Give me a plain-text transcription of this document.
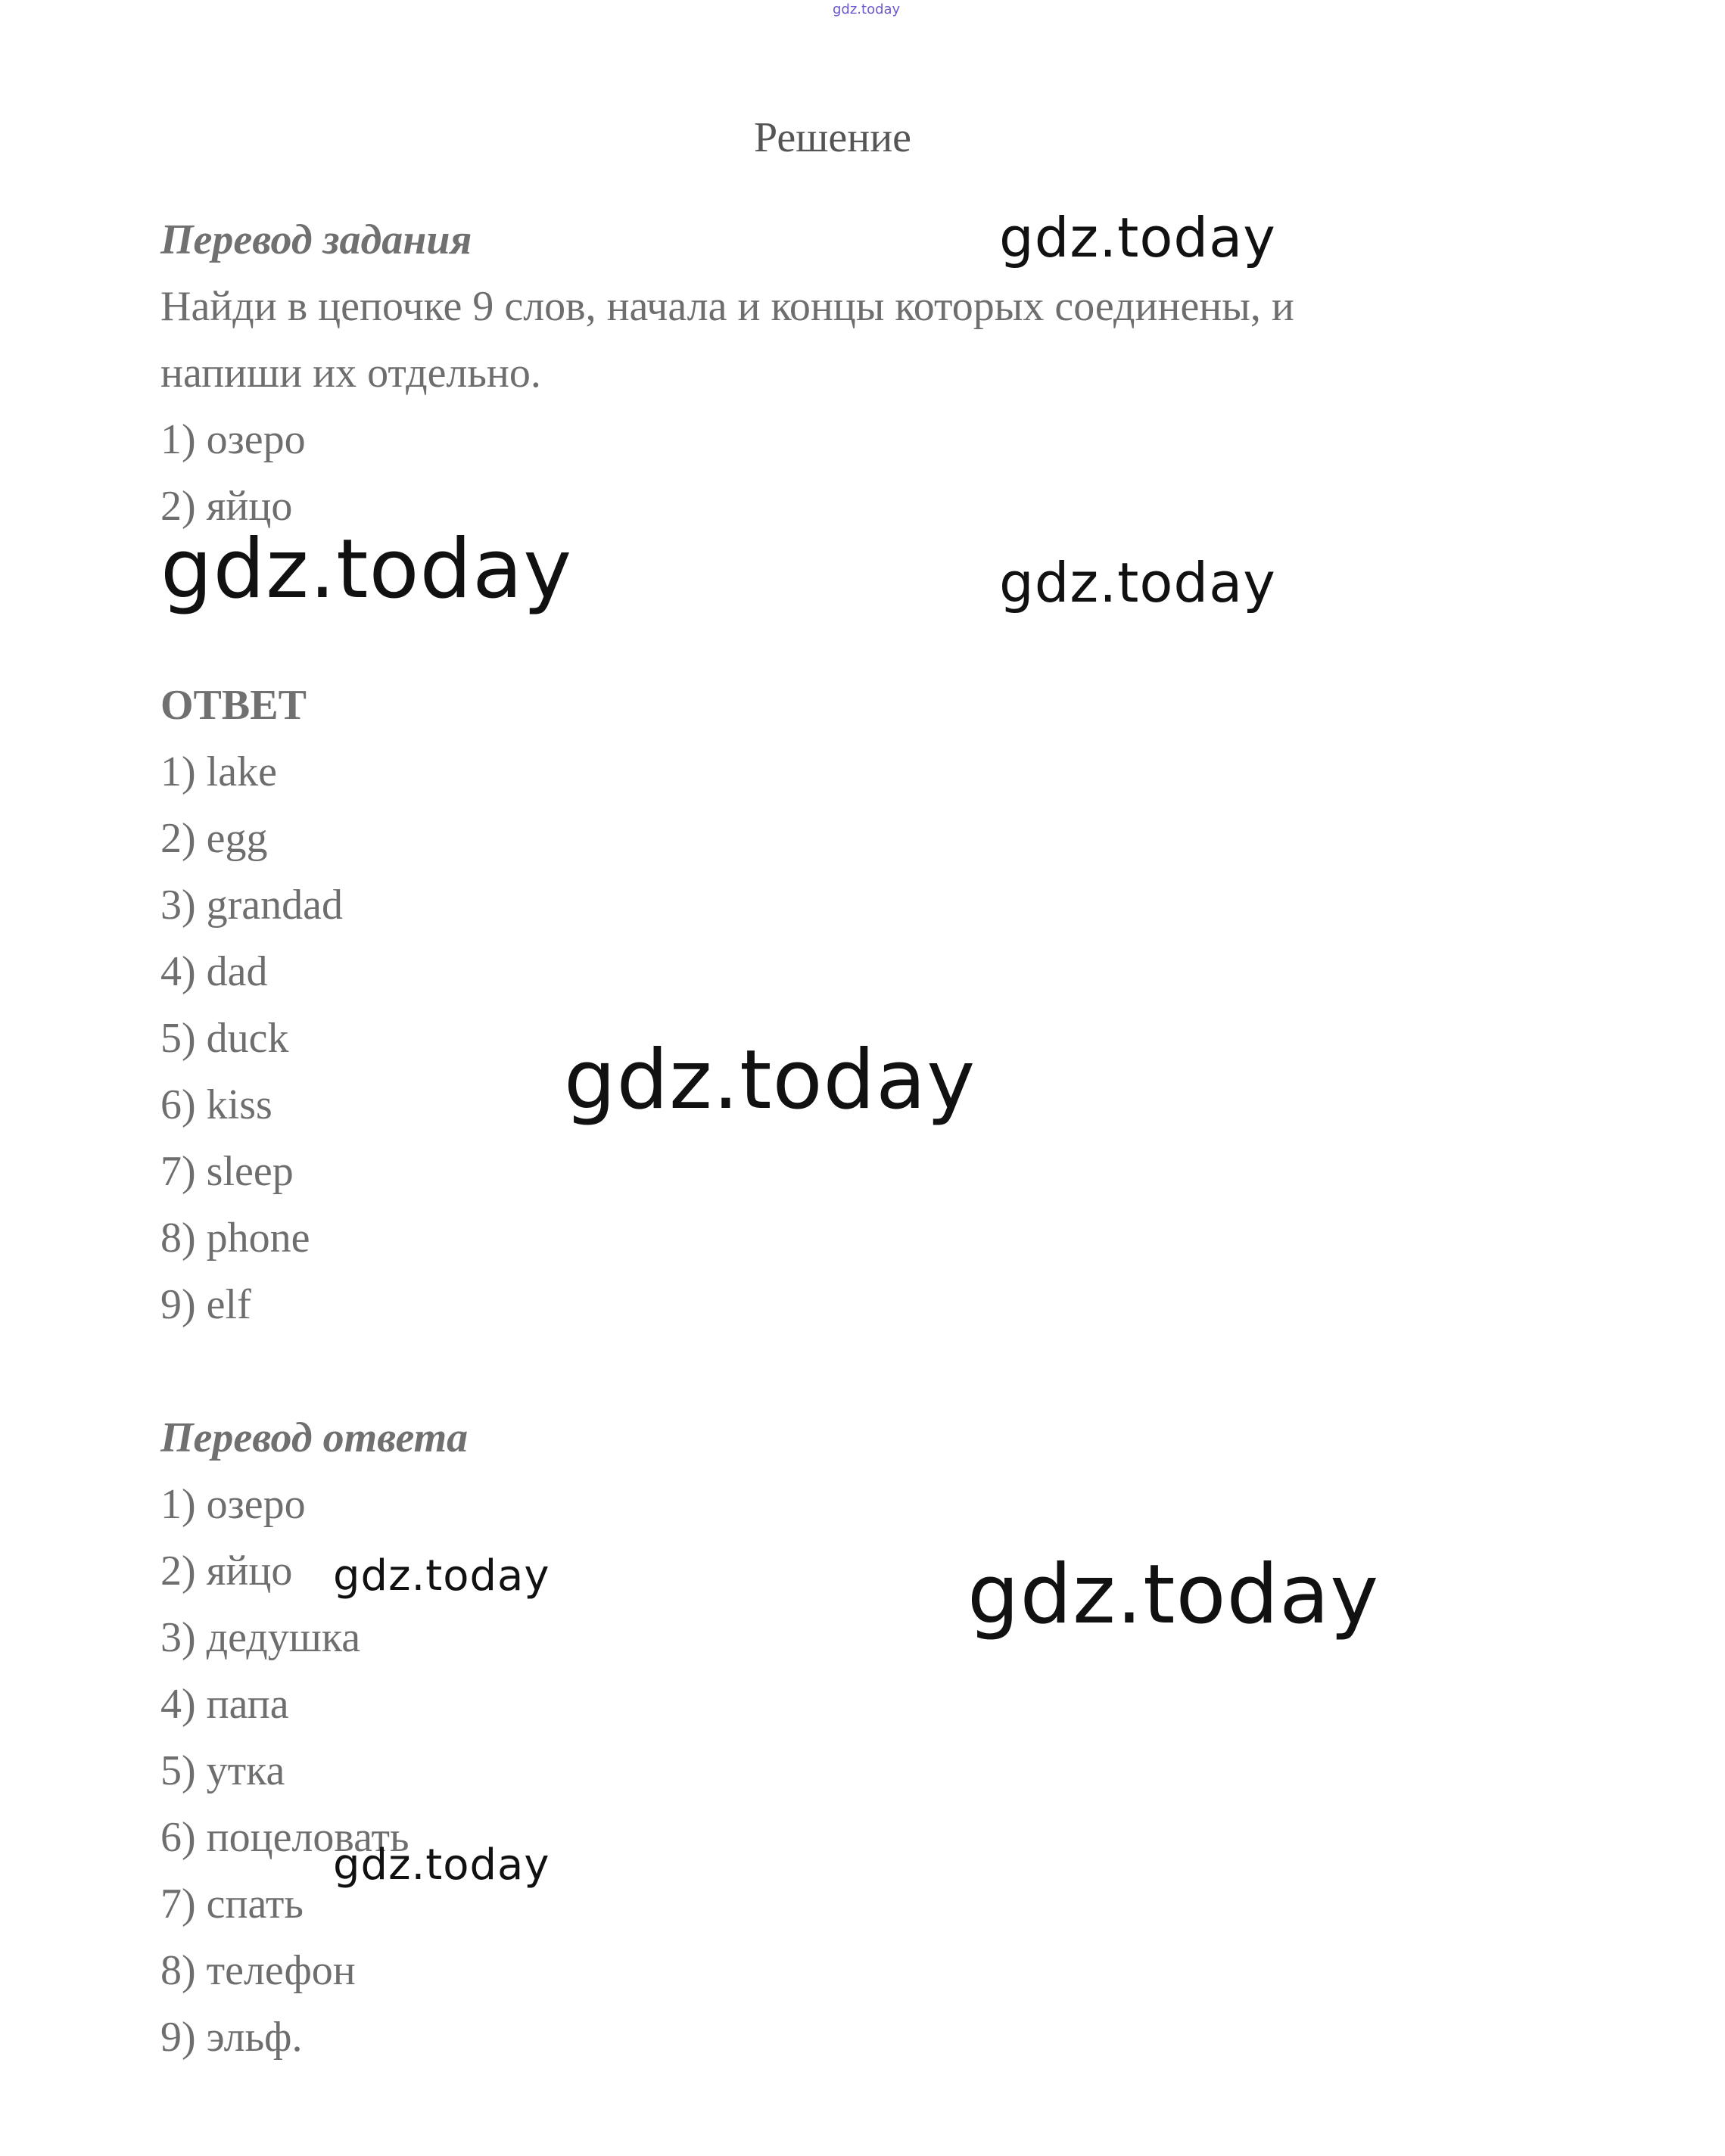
gdz.today
Решение
Перевод задания
Найди в цепочке 9 слов, начала и концы которых соединены, и
напиши их отдельно.
1) озеро
2) яйцо
ОТВЕТ
1) lake
2) egg
3) grandad
4) dad
5) duck
6) kiss
7) sleep
8) phone
9) elf
Перевод ответа
1) озеро
2) яйцо
3) дедушка
4) папа
5) утка
6) поцеловать
7) спать
8) телефон
9) эльф.
gdz.today
gdz.today	gdz.today
gdz.today
gdz.today	gdz.today
gdz.today
